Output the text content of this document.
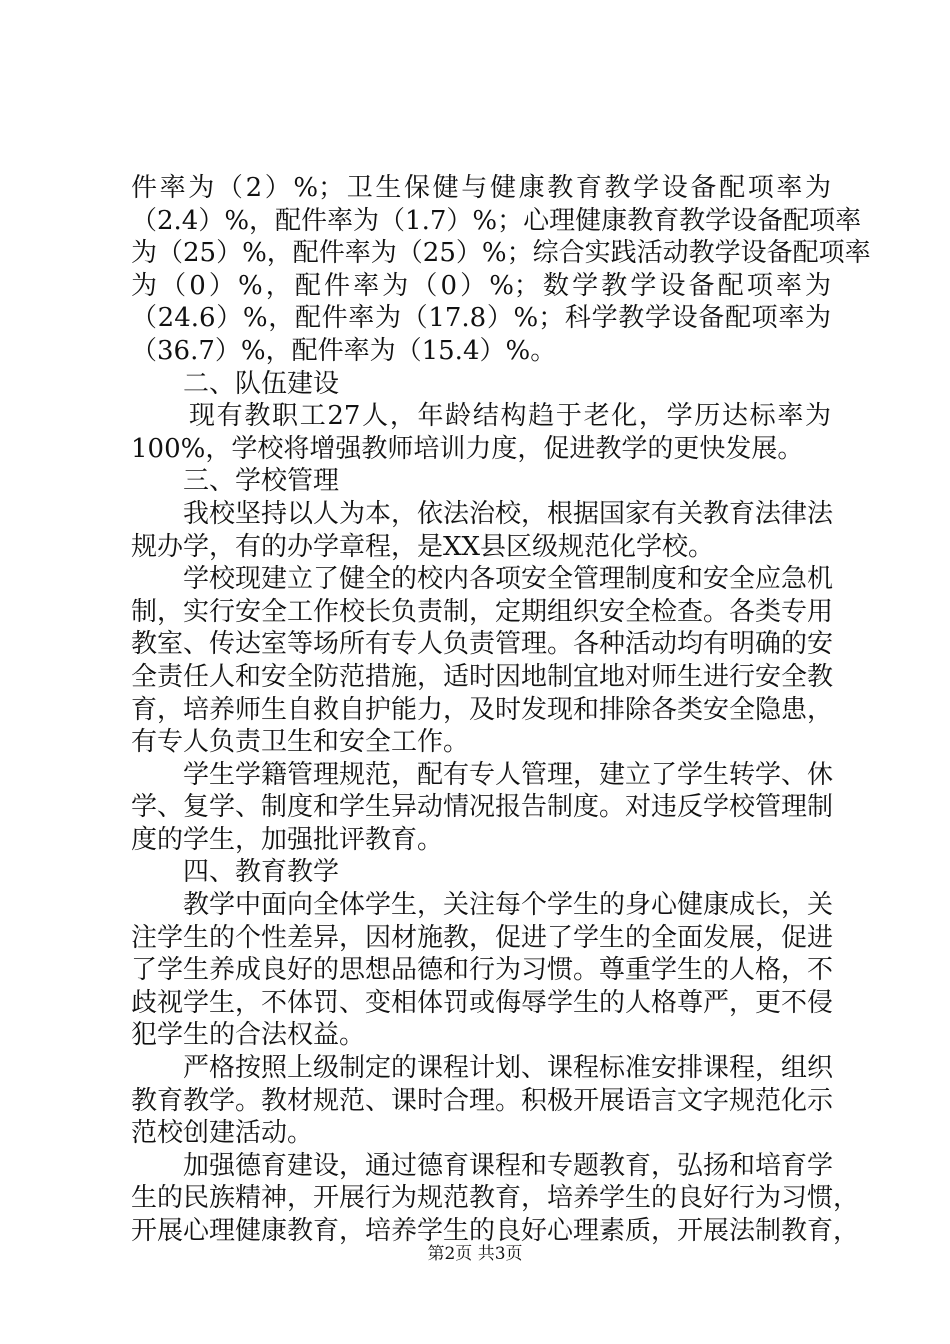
件率为（2）%；卫生保健与健康教育教学设备配项率为
（2.4）%，配件率为（1.7）%；心理健康教育教学设备配项率
为（25）%，配件率为（25）%；综合实践活动教学设备配项率
为（0）%，配件率为（0）%；数学教学设备配项率为
（24.6）%，配件率为（17.8）%；科学教学设备配项率为
（36.7）%，配件率为（15.4）%。
二、队伍建设
现有教职工27人，年龄结构趋于老化，学历达标率为
100%，学校将增强教师培训力度，促进教学的更快发展。
三、学校管理
我校坚持以人为本，依法治校，根据国家有关教育法律法
规办学，有的办学章程，是XX县区级规范化学校。
学校现建立了健全的校内各项安全管理制度和安全应急机
制，实行安全工作校长负责制，定期组织安全检查。各类专用
教室、传达室等场所有专人负责管理。各种活动均有明确的安
全责任人和安全防范措施，适时因地制宜地对师生进行安全教
育，培养师生自救自护能力，及时发现和排除各类安全隐患，
有专人负责卫生和安全工作。
学生学籍管理规范，配有专人管理，建立了学生转学、休
学、复学、制度和学生异动情况报告制度。对违反学校管理制
度的学生，加强批评教育。
四、教育教学
教学中面向全体学生，关注每个学生的身心健康成长，关
注学生的个性差异，因材施教，促进了学生的全面发展，促进
了学生养成良好的思想品德和行为习惯。尊重学生的人格，不
歧视学生，不体罚、变相体罚或侮辱学生的人格尊严，更不侵
犯学生的合法权益。
严格按照上级制定的课程计划、课程标准安排课程，组织
教育教学。教材规范、课时合理。积极开展语言文字规范化示
范校创建活动。
加强德育建设，通过德育课程和专题教育，弘扬和培育学
生的民族精神，开展行为规范教育，培养学生的良好行为习惯，
开展心理健康教育，培养学生的良好心理素质，开展法制教育，
第2页 共3页
